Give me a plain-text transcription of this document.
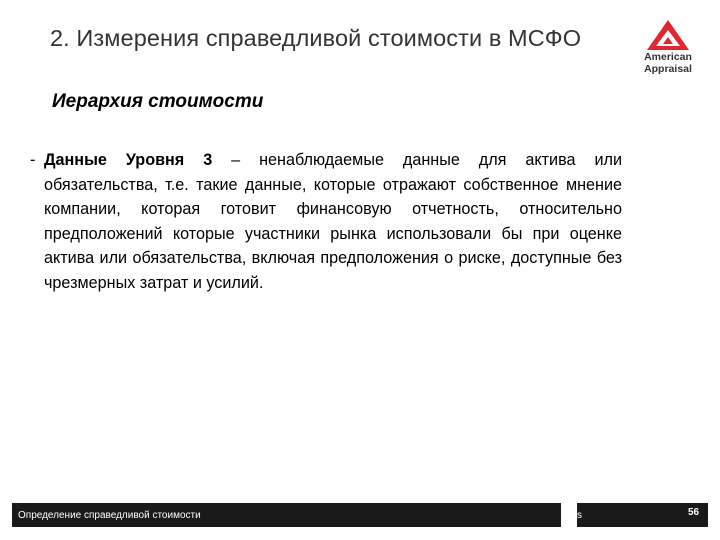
2. Измерения справедливой стоимости в МСФО
Иерархия стоимости
American
Appraisal
- Данные Уровня 3 – ненаблюдаемые данные для актива или обязательства, т.е. такие данные, которые отражают собственное мнение компании, которая готовит финансовую отчетность, относительно предположений которые участники рынка использовали бы при оценке актива или обязательства, включая предположения о риске, доступные без чрезмерных затрат и усилий.
Определение справедливой стоимости	s	56
